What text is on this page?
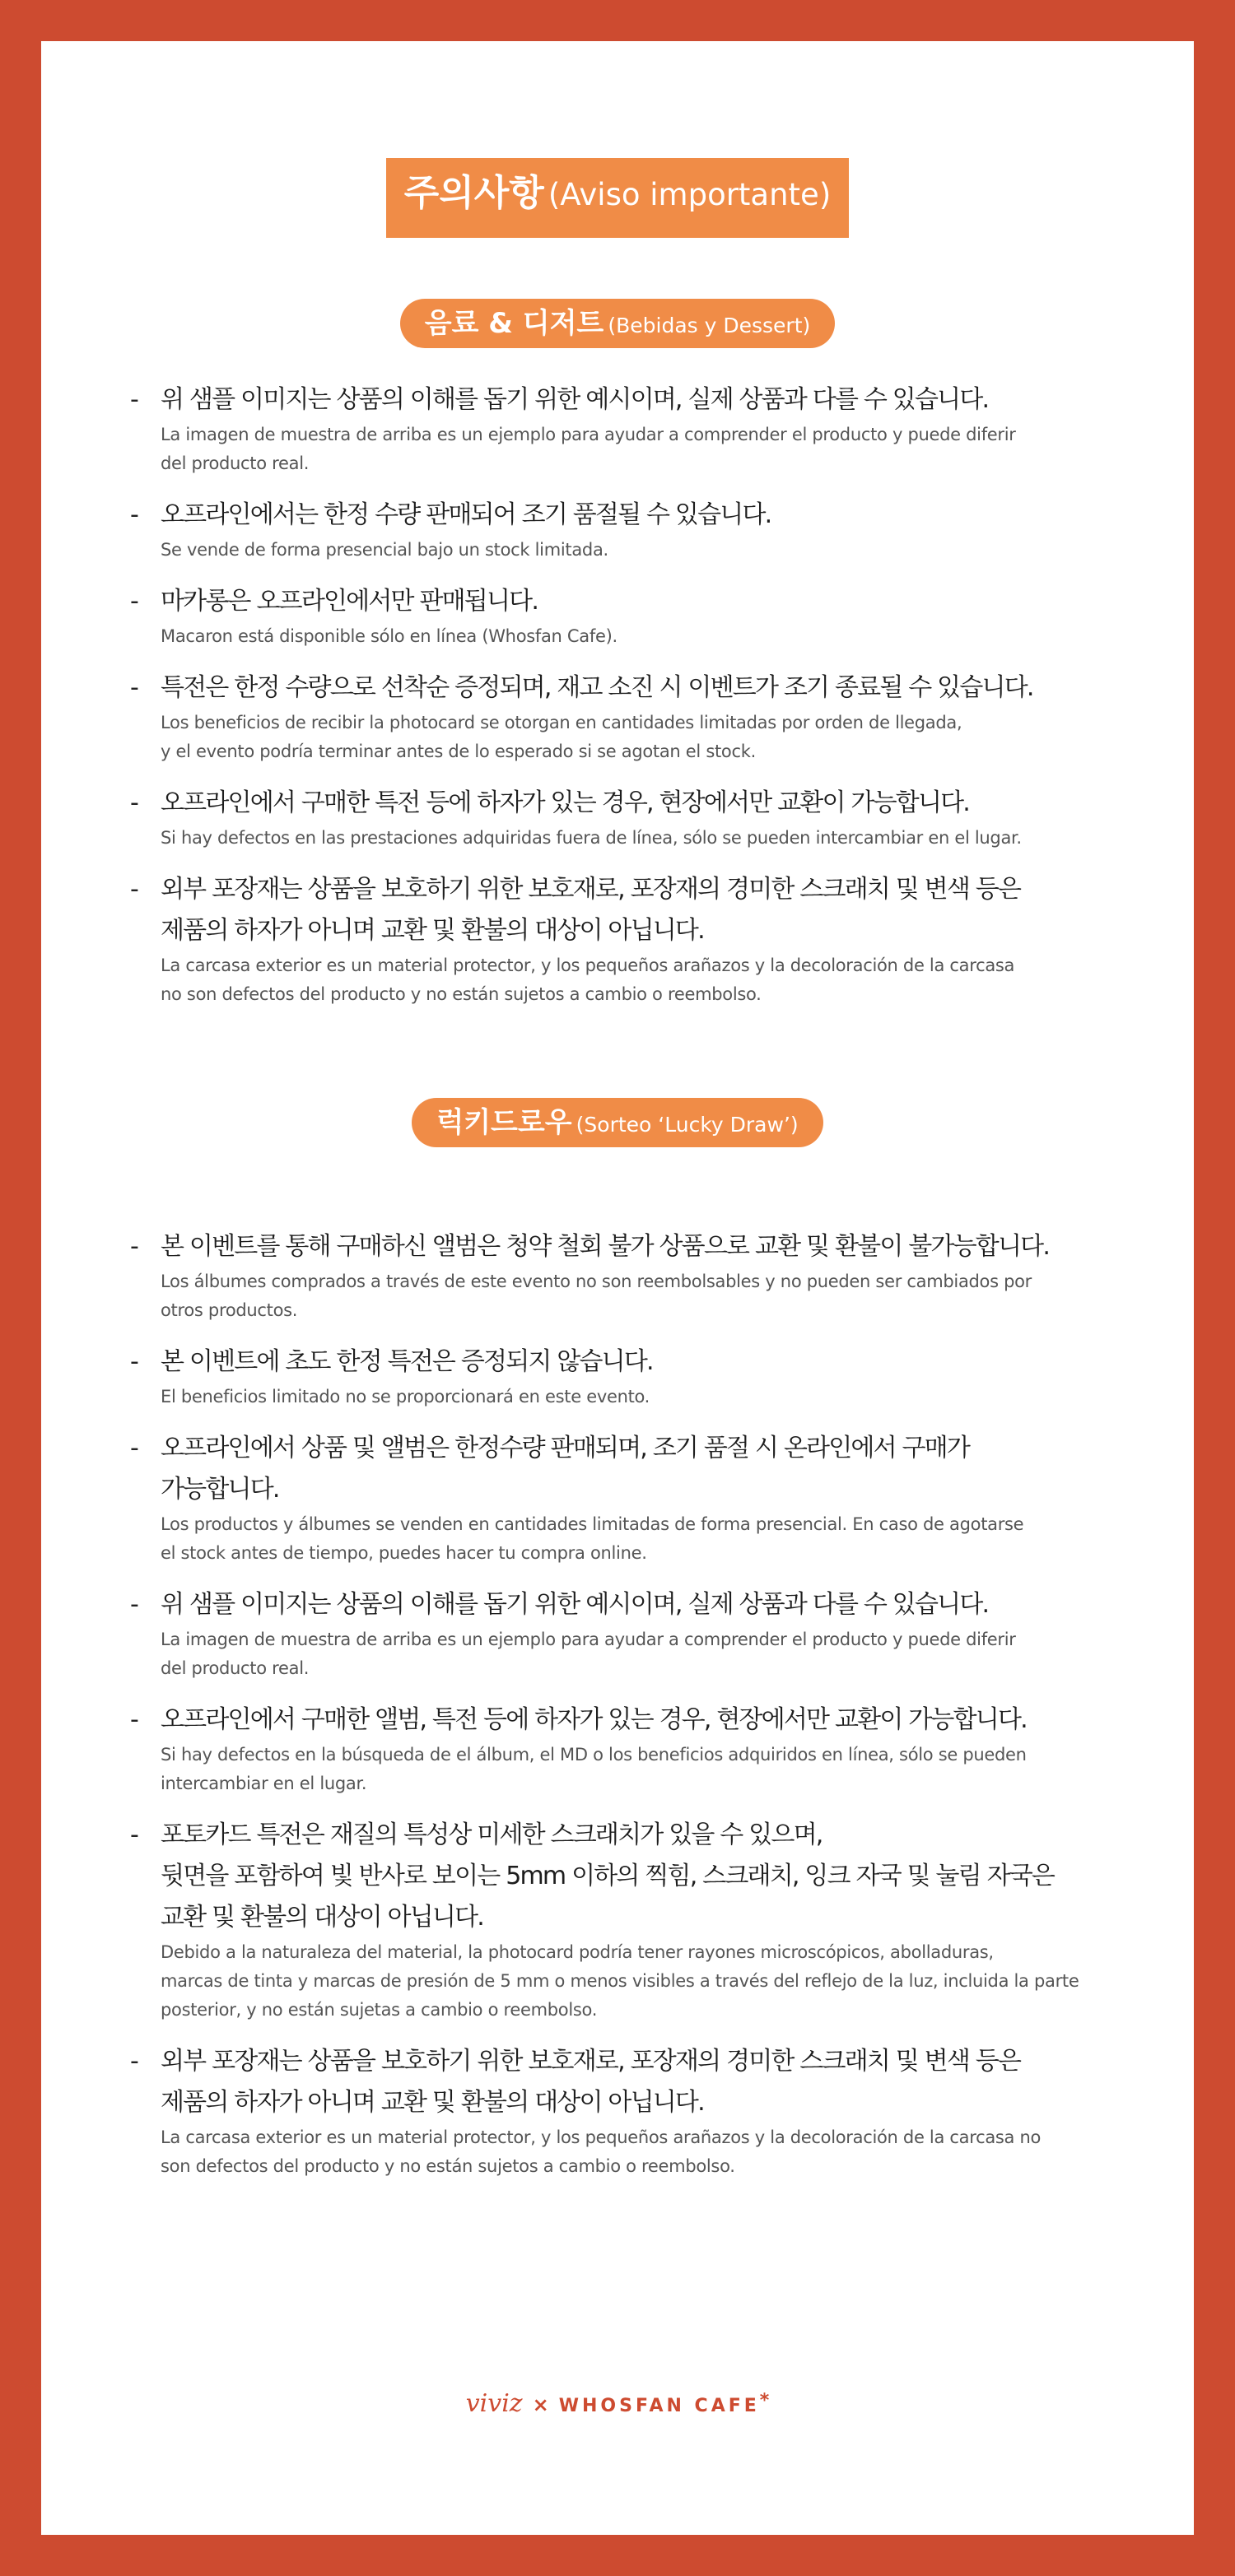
주의사항 (Aviso importante)
음료 & 디저트 (Bebidas y Dessert)
- 위 샘플 이미지는 상품의 이해를 돕기 위한 예시이며, 실제 상품과 다를 수 있습니다.
La imagen de muestra de arriba es un ejemplo para ayudar a comprender el producto y puede diferir
del producto real.
- 오프라인에서는 한정 수량 판매되어 조기 품절될 수 있습니다.
Se vende de forma presencial bajo un stock limitada.
- 마카롱은 오프라인에서만 판매됩니다.
Macaron está disponible sólo en línea (Whosfan Cafe).
- 특전은 한정 수량으로 선착순 증정되며, 재고 소진 시 이벤트가 조기 종료될 수 있습니다.
Los beneficios de recibir la photocard se otorgan en cantidades limitadas por orden de llegada,
y el evento podría terminar antes de lo esperado si se agotan el stock.
- 오프라인에서 구매한 특전 등에 하자가 있는 경우, 현장에서만 교환이 가능합니다.
Si hay defectos en las prestaciones adquiridas fuera de línea, sólo se pueden intercambiar en el lugar.
- 외부 포장재는 상품을 보호하기 위한 보호재로, 포장재의 경미한 스크래치 및 변색 등은
제품의 하자가 아니며 교환 및 환불의 대상이 아닙니다.
La carcasa exterior es un material protector, y los pequeños arañazos y la decoloración de la carcasa
no son defectos del producto y no están sujetos a cambio o reembolso.
럭키드로우 (Sorteo ‘Lucky Draw’)
- 본 이벤트를 통해 구매하신 앨범은 청약 철회 불가 상품으로 교환 및 환불이 불가능합니다.
Los álbumes comprados a través de este evento no son reembolsables y no pueden ser cambiados por
otros productos.
- 본 이벤트에 초도 한정 특전은 증정되지 않습니다.
El beneficios limitado no se proporcionará en este evento.
- 오프라인에서 상품 및 앨범은 한정수량 판매되며, 조기 품절 시 온라인에서 구매가
가능합니다.
Los productos y álbumes se venden en cantidades limitadas de forma presencial. En caso de agotarse
el stock antes de tiempo, puedes hacer tu compra online.
- 위 샘플 이미지는 상품의 이해를 돕기 위한 예시이며, 실제 상품과 다를 수 있습니다.
La imagen de muestra de arriba es un ejemplo para ayudar a comprender el producto y puede diferir
del producto real.
- 오프라인에서 구매한 앨범, 특전 등에 하자가 있는 경우, 현장에서만 교환이 가능합니다.
Si hay defectos en la búsqueda de el álbum, el MD o los beneficios adquiridos en línea, sólo se pueden
intercambiar en el lugar.
- 포토카드 특전은 재질의 특성상 미세한 스크래치가 있을 수 있으며,
뒷면을 포함하여 빛 반사로 보이는 5mm 이하의 찍힘, 스크래치, 잉크 자국 및 눌림 자국은
교환 및 환불의 대상이 아닙니다.
Debido a la naturaleza del material, la photocard podría tener rayones microscópicos, abolladuras,
marcas de tinta y marcas de presión de 5 mm o menos visibles a través del reflejo de la luz, incluida la parte
posterior, y no están sujetas a cambio o reembolso.
- 외부 포장재는 상품을 보호하기 위한 보호재로, 포장재의 경미한 스크래치 및 변색 등은
제품의 하자가 아니며 교환 및 환불의 대상이 아닙니다.
La carcasa exterior es un material protector, y los pequeños arañazos y la decoloración de la carcasa no
son defectos del producto y no están sujetos a cambio o reembolso.
viviz × WHOSFAN CAFE*
